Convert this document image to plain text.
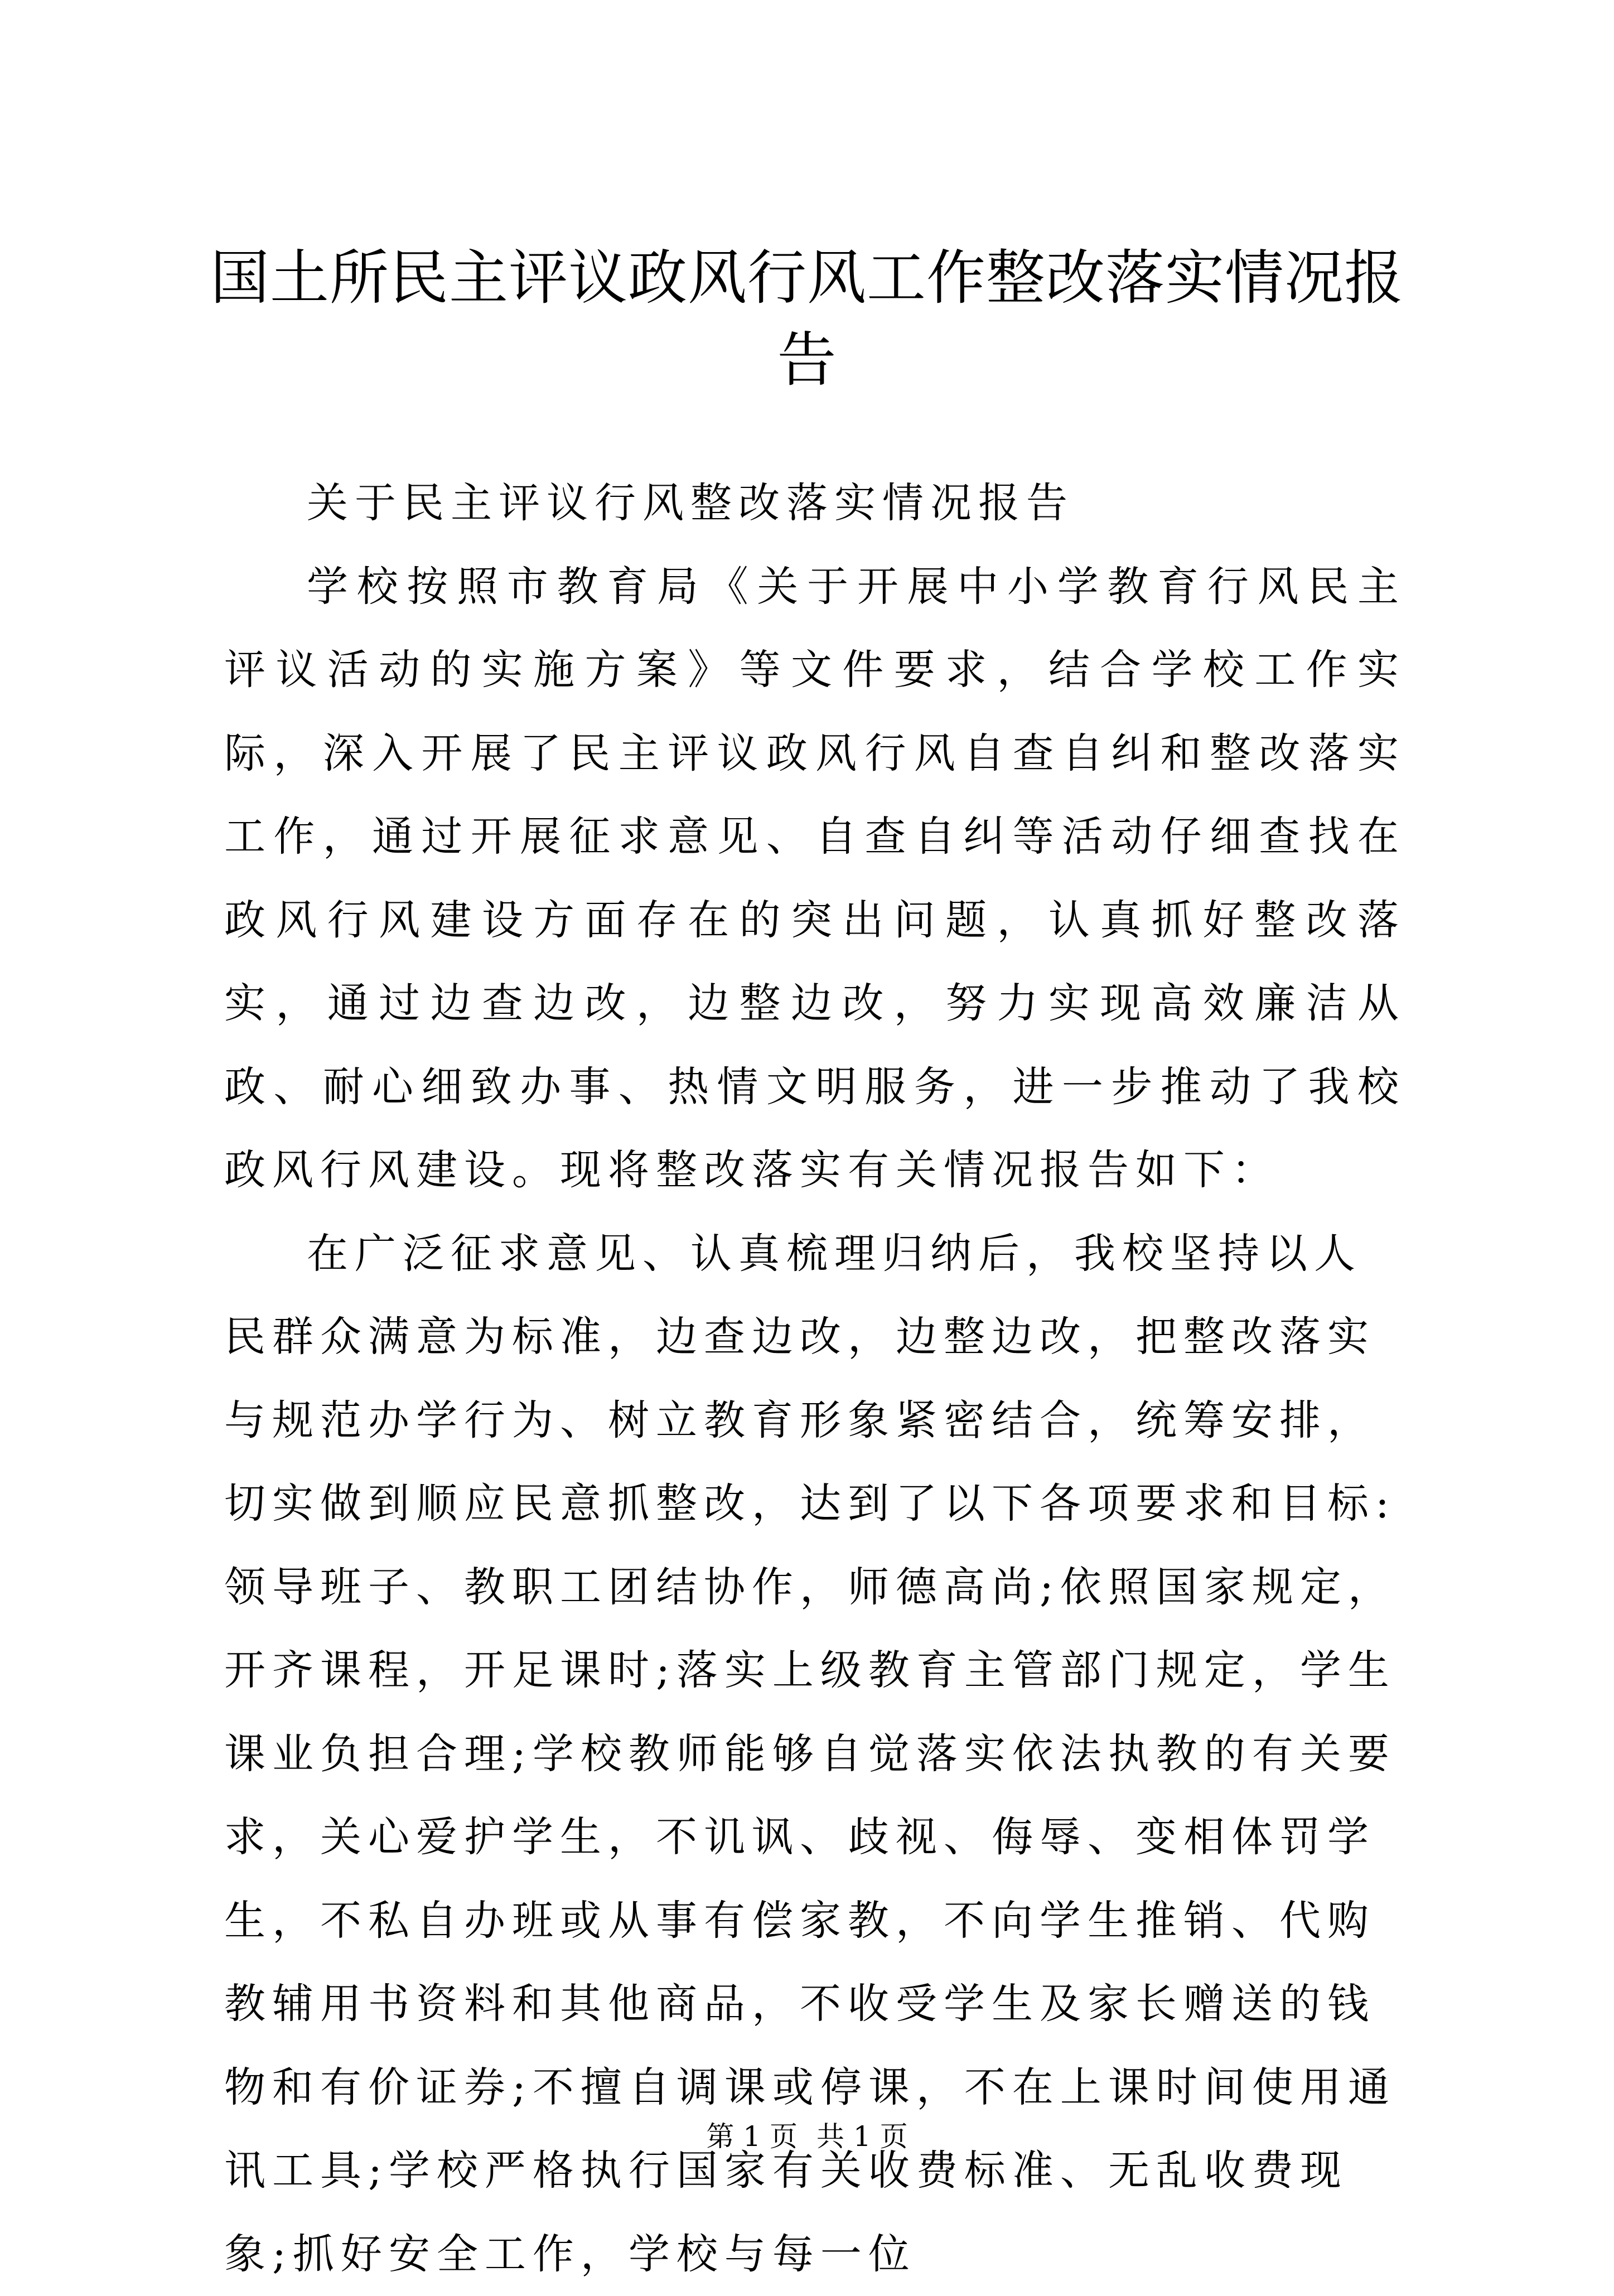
国土所民主评议政风行风工作整改落实情况报告

关于民主评议行风整改落实情况报告

学校按照市教育局《关于开展中小学教育行风民主评议活动的实施方案》等文件要求，结合学校工作实际，深入开展了民主评议政风行风自查自纠和整改落实工作，通过开展征求意见、自查自纠等活动仔细查找在政风行风建设方面存在的突出问题，认真抓好整改落实，通过边查边改，边整边改，努力实现高效廉洁从政、耐心细致办事、热情文明服务，进一步推动了我校政风行风建设。现将整改落实有关情况报告如下：

在广泛征求意见、认真梳理归纳后，我校坚持以人民群众满意为标准，边查边改，边整边改，把整改落实与规范办学行为、树立教育形象紧密结合，统筹安排，切实做到顺应民意抓整改，达到了以下各项要求和目标:领导班子、教职工团结协作，师德高尚;依照国家规定，开齐课程，开足课时;落实上级教育主管部门规定，学生课业负担合理;学校教师能够自觉落实依法执教的有关要求，关心爱护学生，不讥讽、歧视、侮辱、变相体罚学生，不私自办班或从事有偿家教，不向学生推销、代购教辅用书资料和其他商品，不收受学生及家长赠送的钱物和有价证券;不擅自调课或停课，不在上课时间使用通讯工具;学校严格执行国家有关收费标准、无乱收费现象;抓好安全工作，学校与每一位

第 1 页 共 1 页
